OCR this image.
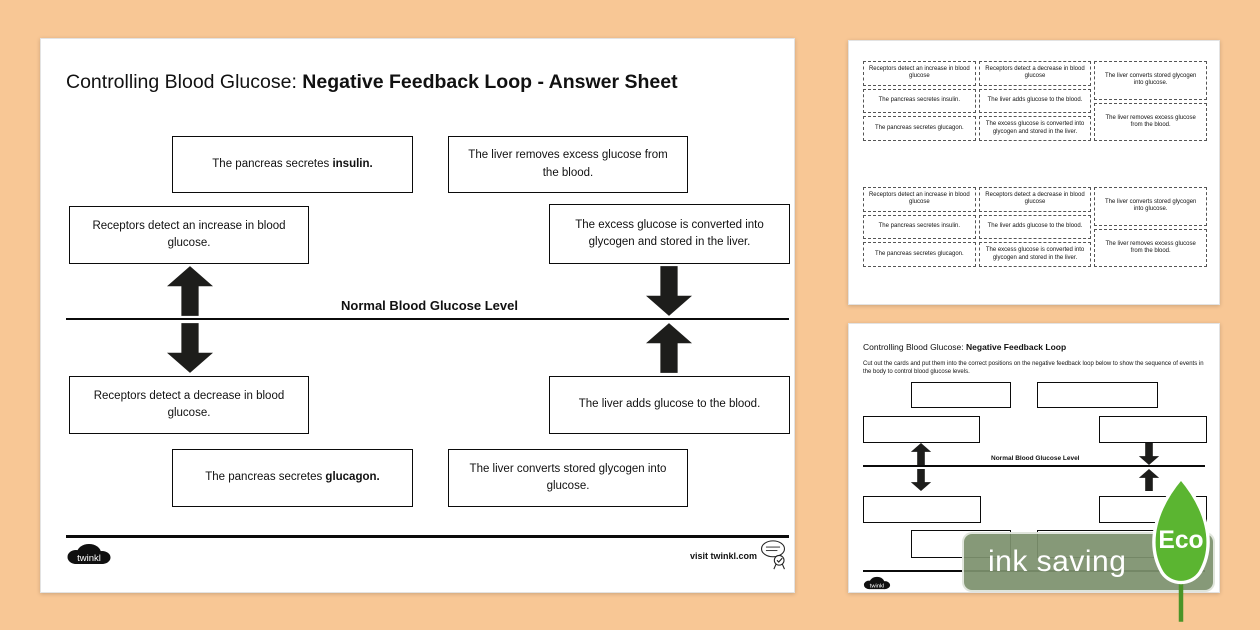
Controlling Blood Glucose: Negative Feedback Loop - Answer Sheet
The pancreas secretes insulin.
The liver removes excess glucose from the blood.
Receptors detect an increase in blood glucose.
The excess glucose is converted into glycogen and stored in the liver.
Normal Blood Glucose Level
Receptors detect a decrease in blood glucose.
The liver adds glucose to the blood.
The pancreas secretes glucagon.
The liver converts stored glycogen into glucose.
twinkl	visit twinkl.com
Receptors detect an increase in blood glucose
The pancreas secretes insulin.
The pancreas secretes glucagon.
Receptors detect a decrease in blood glucose
The liver adds glucose to the blood.
The excess glucose is converted into glycogen and stored in the liver.
The liver converts stored glycogen into glucose.
The liver removes excess glucose from the blood.
Receptors detect an increase in blood glucose
The pancreas secretes insulin.
The pancreas secretes glucagon.
Receptors detect a decrease in blood glucose
The liver adds glucose to the blood.
The excess glucose is converted into glycogen and stored in the liver.
The liver converts stored glycogen into glucose.
The liver removes excess glucose from the blood.
Controlling Blood Glucose: Negative Feedback Loop
Cut out the cards and put them into the correct positions on the negative feedback loop below to show the sequence of events in the body to control blood glucose levels.
Normal Blood Glucose Level
twinkl
ink saving
Eco
